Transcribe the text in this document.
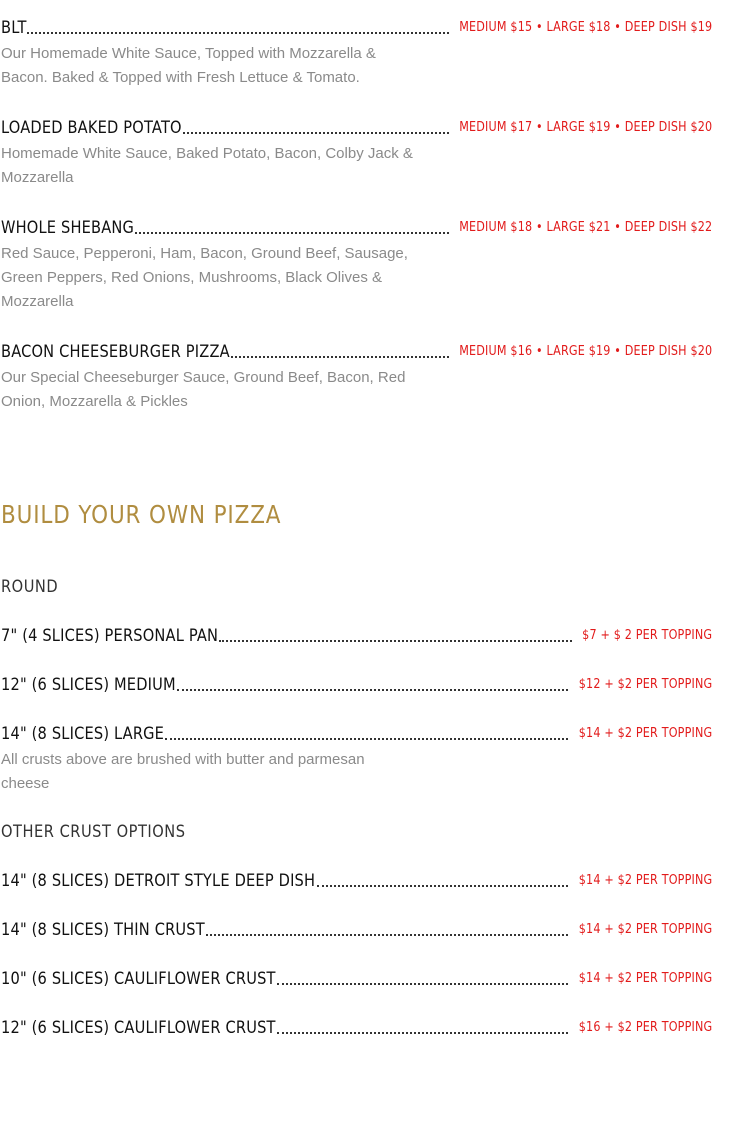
BLT	MEDIUM $15 • LARGE $18 • DEEP DISH $19
Our Homemade White Sauce, Topped with Mozzarella & Bacon. Baked & Topped with Fresh Lettuce & Tomato.
LOADED BAKED POTATO	MEDIUM $17 • LARGE $19 • DEEP DISH $20
Homemade White Sauce, Baked Potato, Bacon, Colby Jack & Mozzarella
WHOLE SHEBANG	MEDIUM $18 • LARGE $21 • DEEP DISH $22
Red Sauce, Pepperoni, Ham, Bacon, Ground Beef, Sausage, Green Peppers, Red Onions, Mushrooms, Black Olives & Mozzarella
BACON CHEESEBURGER PIZZA	MEDIUM $16 • LARGE $19 • DEEP DISH $20
Our Special Cheeseburger Sauce, Ground Beef, Bacon, Red Onion, Mozzarella & Pickles
BUILD YOUR OWN PIZZA
ROUND
7" (4 SLICES) PERSONAL PAN	$7 + $ 2 PER TOPPING
12" (6 SLICES) MEDIUM	$12 + $2 PER TOPPING
14" (8 SLICES) LARGE	$14 + $2 PER TOPPING
All crusts above are brushed with butter and parmesan cheese
OTHER CRUST OPTIONS
14" (8 SLICES) DETROIT STYLE DEEP DISH	$14 + $2 PER TOPPING
14" (8 SLICES) THIN CRUST	$14 + $2 PER TOPPING
10" (6 SLICES) CAULIFLOWER CRUST	$14 + $2 PER TOPPING
12" (6 SLICES) CAULIFLOWER CRUST	$16 + $2 PER TOPPING
